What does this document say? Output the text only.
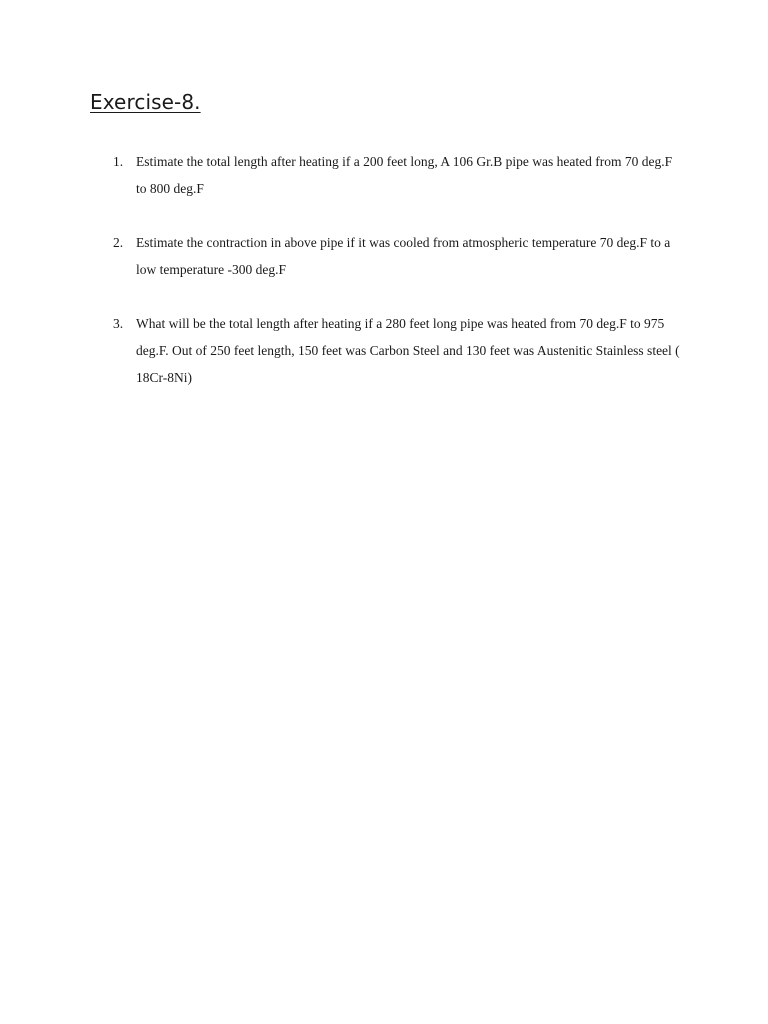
Exercise-8.
1. Estimate the total length after heating if a 200 feet long, A 106 Gr.B pipe was heated from 70 deg.F to 800 deg.F
2. Estimate the contraction in above pipe if it was cooled from atmospheric temperature 70 deg.F to a low temperature -300 deg.F
3. What will be the total length after heating if a 280 feet long pipe was heated from 70 deg.F to 975 deg.F. Out of 250 feet length, 150 feet was Carbon Steel and 130 feet was Austenitic Stainless steel ( 18Cr-8Ni)
